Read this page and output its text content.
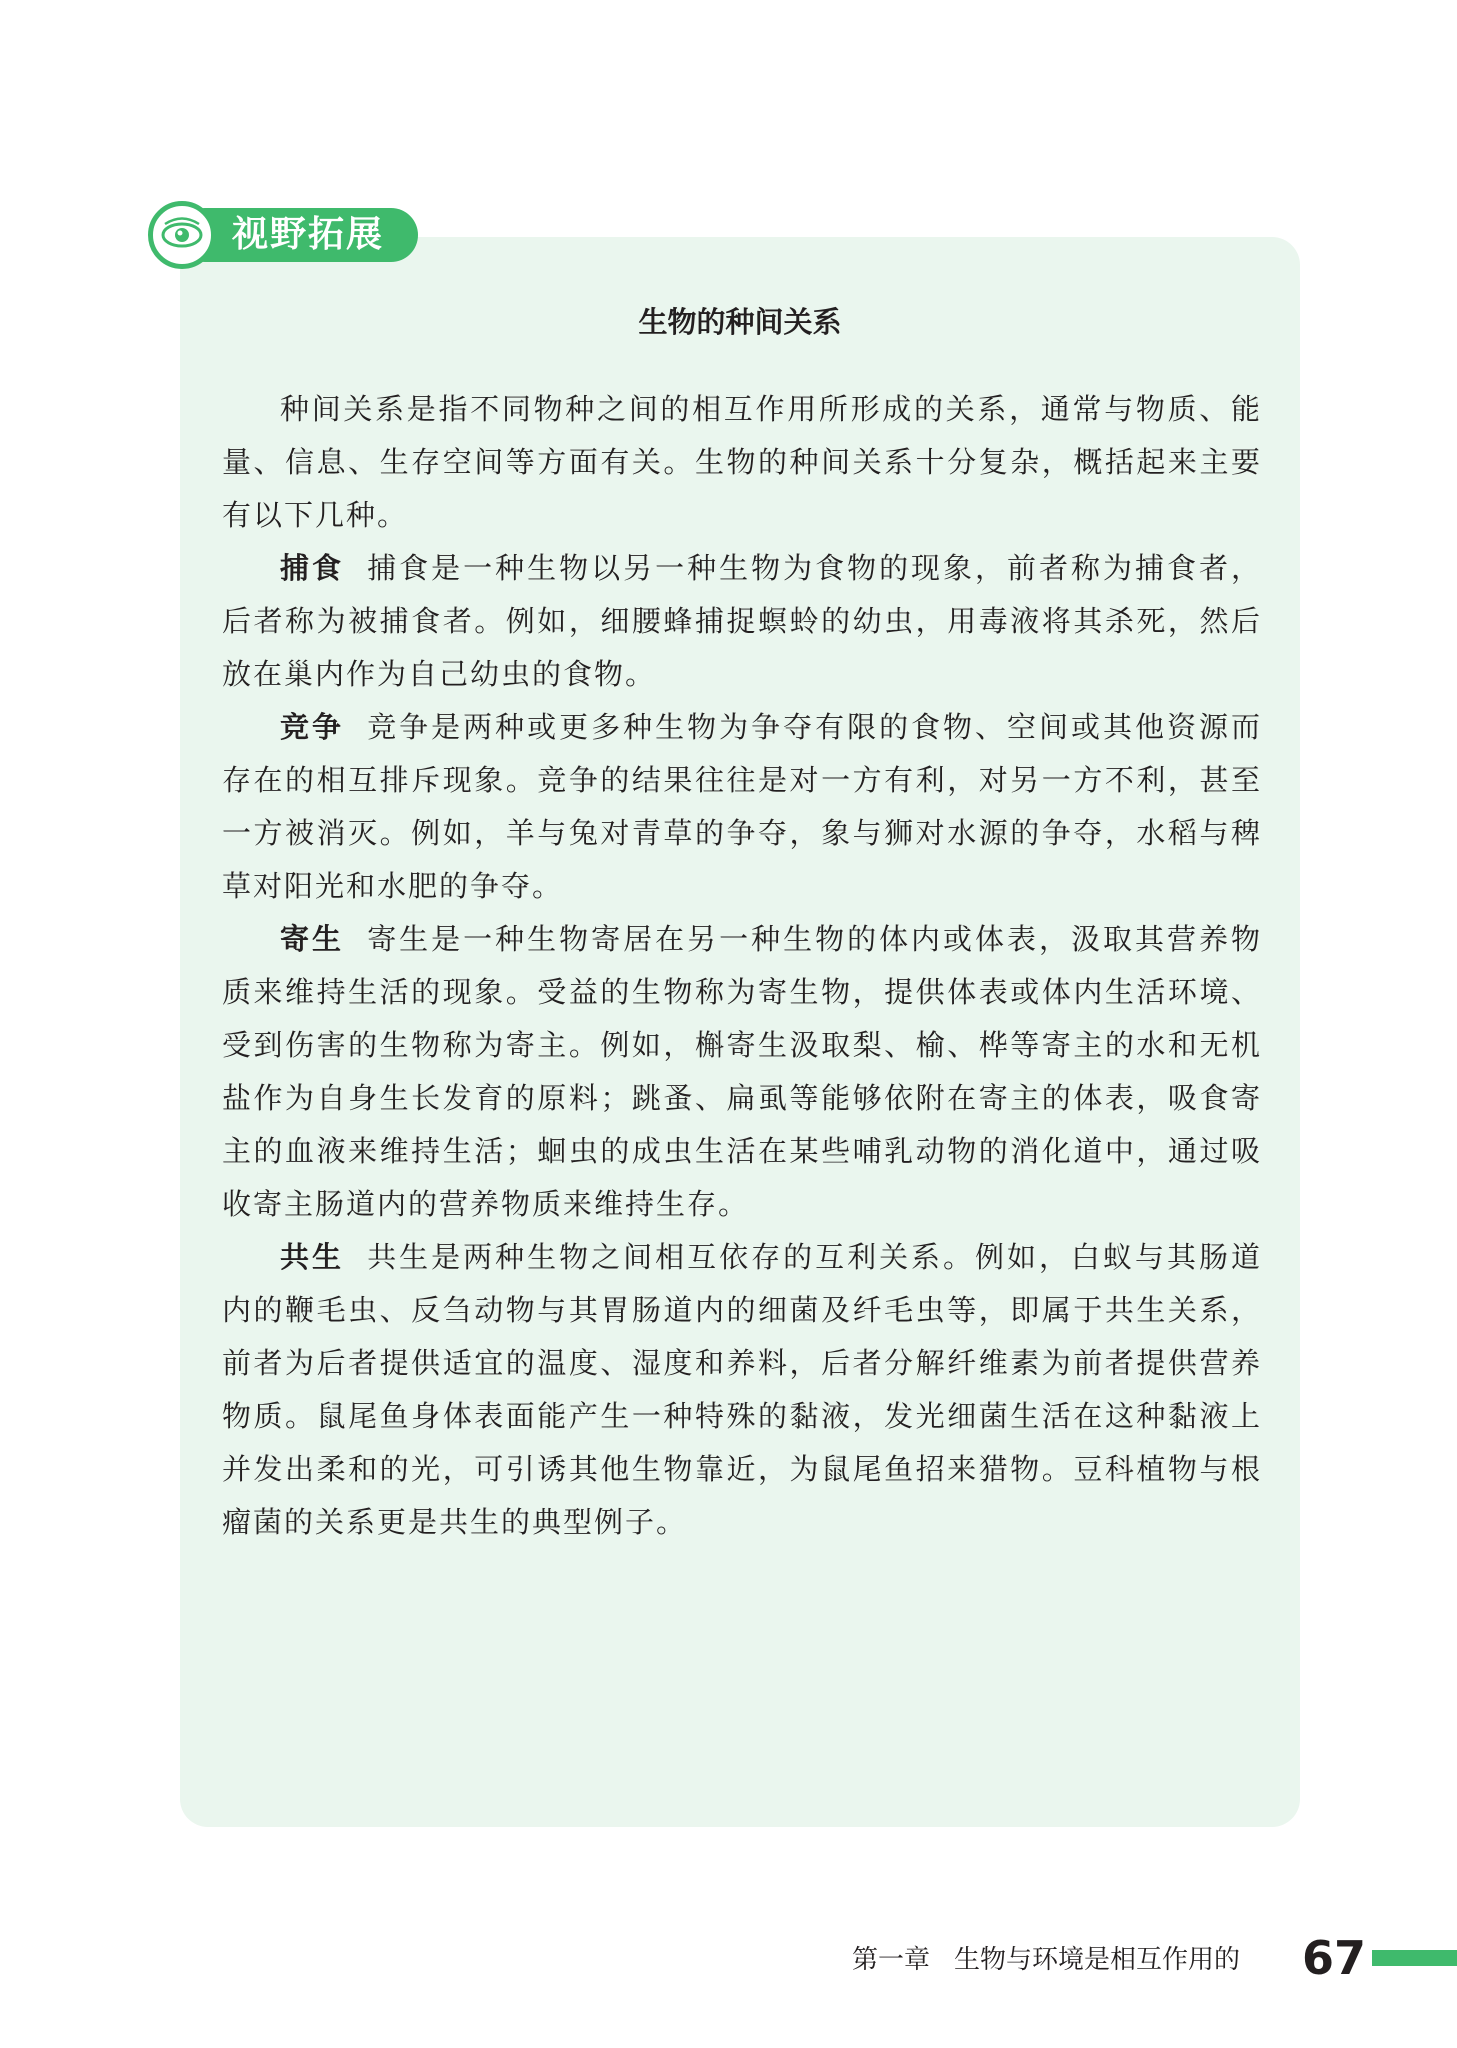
视野拓展
生物的种间关系

种间关系是指不同物种之间的相互作用所形成的关系，通常与物质、能量、信息、生存空间等方面有关。生物的种间关系十分复杂，概括起来主要有以下几种。

捕食 捕食是一种生物以另一种生物为食物的现象，前者称为捕食者，后者称为被捕食者。例如，细腰蜂捕捉螟蛉的幼虫，用毒液将其杀死，然后放在巢内作为自己幼虫的食物。

竞争 竞争是两种或更多种生物为争夺有限的食物、空间或其他资源而存在的相互排斥现象。竞争的结果往往是对一方有利，对另一方不利，甚至一方被消灭。例如，羊与兔对青草的争夺，象与狮对水源的争夺，水稻与稗草对阳光和水肥的争夺。

寄生 寄生是一种生物寄居在另一种生物的体内或体表，汲取其营养物质来维持生活的现象。受益的生物称为寄生物，提供体表或体内生活环境、受到伤害的生物称为寄主。例如，槲寄生汲取梨、榆、桦等寄主的水和无机盐作为自身生长发育的原料；跳蚤、扁虱等能够依附在寄主的体表，吸食寄主的血液来维持生活；蛔虫的成虫生活在某些哺乳动物的消化道中，通过吸收寄主肠道内的营养物质来维持生存。

共生 共生是两种生物之间相互依存的互利关系。例如，白蚁与其肠道内的鞭毛虫、反刍动物与其胃肠道内的细菌及纤毛虫等，即属于共生关系，前者为后者提供适宜的温度、湿度和养料，后者分解纤维素为前者提供营养物质。鼠尾鱼身体表面能产生一种特殊的黏液，发光细菌生活在这种黏液上并发出柔和的光，可引诱其他生物靠近，为鼠尾鱼招来猎物。豆科植物与根瘤菌的关系更是共生的典型例子。

第一章 生物与环境是相互作用的 67
